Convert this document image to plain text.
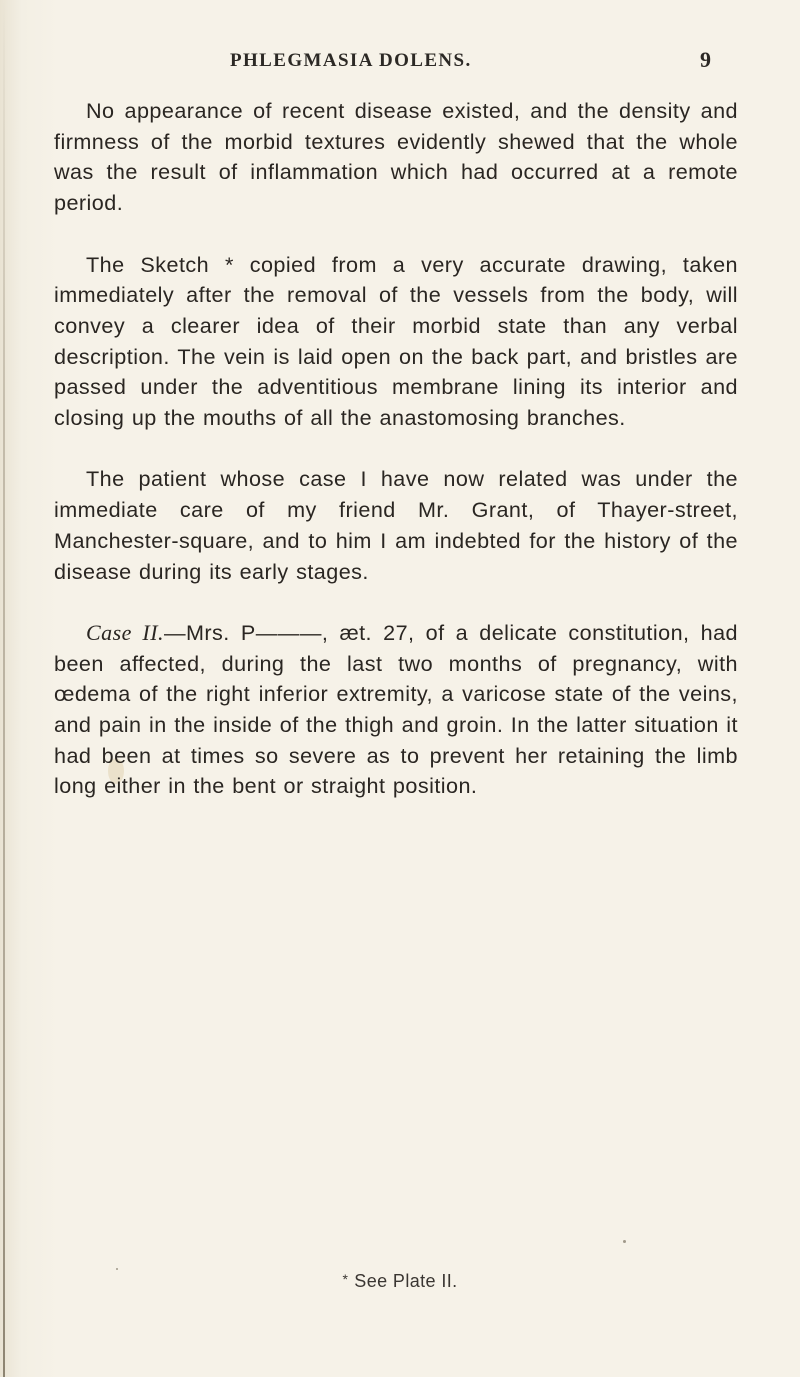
PHLEGMASIA DOLENS.	9

No appearance of recent disease existed, and the density and firmness of the morbid textures evidently shewed that the whole was the result of inflammation which had occurred at a remote period.

The Sketch * copied from a very accurate drawing, taken immediately after the removal of the vessels from the body, will convey a clearer idea of their morbid state than any verbal description. The vein is laid open on the back part, and bristles are passed under the adventitious membrane lining its interior and closing up the mouths of all the anastomosing branches.

The patient whose case I have now related was under the immediate care of my friend Mr. Grant, of Thayer-street, Manchester-square, and to him I am indebted for the history of the disease during its early stages.

Case II.—Mrs. P———, æt. 27, of a delicate constitution, had been affected, during the last two months of pregnancy, with œdema of the right inferior extremity, a varicose state of the veins, and pain in the inside of the thigh and groin. In the latter situation it had been at times so severe as to prevent her retaining the limb long either in the bent or straight position.

* See Plate II.
